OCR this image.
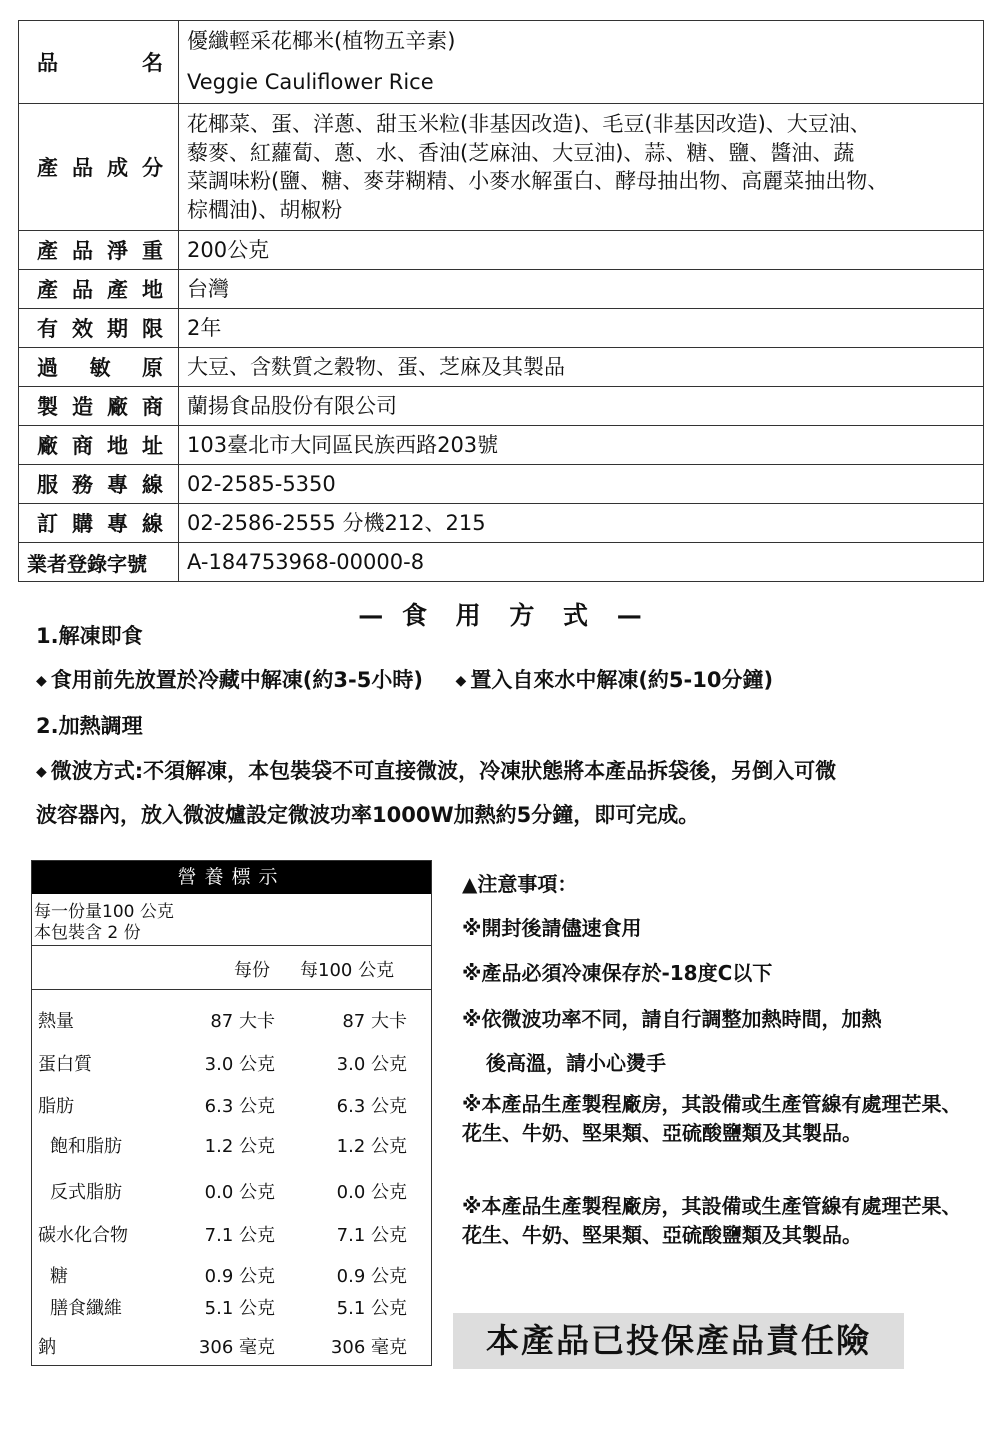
品　　名	優纖輕采花椰米(植物五辛素)
Veggie Cauliflower Rice

產品成分	花椰菜、蛋、洋蔥、甜玉米粒(非基因改造)、毛豆(非基因改造)、大豆油、
藜麥、紅蘿蔔、蔥、水、香油(芝麻油、大豆油)、蒜、糖、鹽、醬油、蔬
菜調味粉(鹽、糖、麥芽糊精、小麥水解蛋白、酵母抽出物、高麗菜抽出物、
棕櫚油)、胡椒粉

產品淨重	200公克
產品產地	台灣
有效期限	2年
過敏原	大豆、含麩質之穀物、蛋、芝麻及其製品
製造廠商	蘭揚食品股份有限公司
廠商地址	103臺北市大同區民族西路203號
服務專線	02-2585-5350
訂購專線	02-2586-2555 分機212、215
業者登錄字號	A-184753968-00000-8
— 食 用 方 式 —
1.解凍即食
◆ 食用前先放置於冷藏中解凍(約3-5小時) ◆ 置入自來水中解凍(約5-10分鐘)
2.加熱調理
◆ 微波方式:不須解凍，本包裝袋不可直接微波，冷凍狀態將本產品拆袋後，另倒入可微
波容器內，放入微波爐設定微波功率1000W加熱約5分鐘，即可完成。
營養標示
每一份量100 公克
本包裝含 2 份
每份 每100 公克
熱量	87 大卡	87 大卡
蛋白質	3.0 公克	3.0 公克
脂肪	6.3 公克	6.3 公克
飽和脂肪	1.2 公克	1.2 公克
反式脂肪	0.0 公克	0.0 公克
碳水化合物	7.1 公克	7.1 公克
糖	0.9 公克	0.9 公克
膳食纖維	5.1 公克	5.1 公克
鈉	306 毫克	306 毫克
▲注意事項：
※開封後請儘速食用
※產品必須冷凍保存於-18度C以下
※依微波功率不同，請自行調整加熱時間，加熱
後高溫，請小心燙手
※本產品生產製程廠房，其設備或生產管線有處理芒果、花生、牛奶、堅果類、亞硫酸鹽類及其製品。
※本產品生產製程廠房，其設備或生產管線有處理芒果、花生、牛奶、堅果類、亞硫酸鹽類及其製品。
本產品已投保產品責任險
